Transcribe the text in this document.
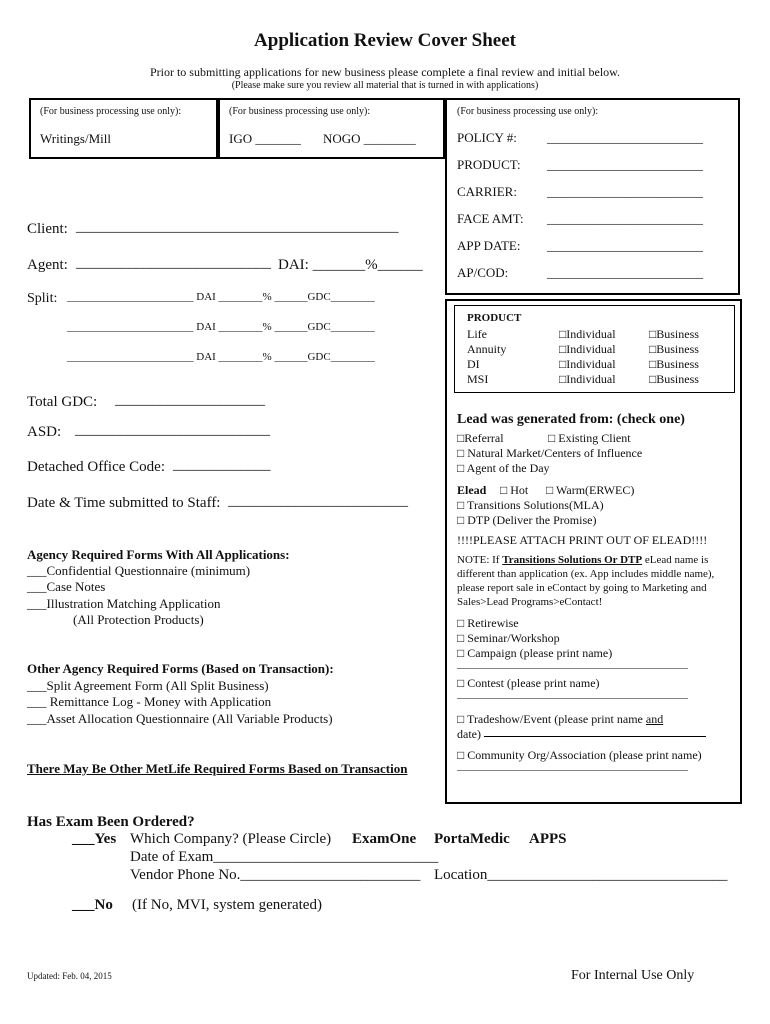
Application Review Cover Sheet
Prior to submitting applications for new business please complete a final review and initial below.
(Please make sure you review all material that is turned in with applications)
(For business processing use only):
Writings/Mill
(For business processing use only):
IGO _______ NOGO ________
(For business processing use only):
POLICY #: ________________________
PRODUCT: ________________________
CARRIER: ________________________
FACE AMT: ________________________
APP DATE: ________________________
AP/COD:	________________________
Client: ___________________________________________
Agent: __________________________ DAI: _______%______
Split: _______________________ DAI ________% ______GDC________
_______________________ DAI ________% ______GDC________
_______________________ DAI ________% ______GDC________
PRODUCT
Life	□Individual	□Business
Annuity	□Individual	□Business
DI	□Individual	□Business
MSI	□Individual	□Business
Lead was generated from: (check one)
□Referral	□ Existing Client
□ Natural Market/Centers of Influence
□ Agent of the Day
Elead □ Hot □ Warm(ERWEC)
□ Transitions Solutions(MLA)
□ DTP (Deliver the Promise)
!!!!PLEASE ATTACH PRINT OUT OF ELEAD!!!!
NOTE: If Transitions Solutions Or DTP eLead name is
different than application (ex. App includes middle name),
please report sale in eContact by going to Marketing and
Sales>Lead Programs>eContact!
□ Retirewise
□ Seminar/Workshop
□ Campaign (please print name)
__________________________________________
□ Contest (please print name)
__________________________________________
□ Tradeshow/Event (please print name and
date)
□ Community Org/Association (please print name)
__________________________________________
Total GDC: ____________________
ASD: __________________________
Detached Office Code: _____________
Date & Time submitted to Staff: ________________________
Agency Required Forms With All Applications:
___Confidential Questionnaire (minimum)
___Case Notes
___Illustration Matching Application
(All Protection Products)
Other Agency Required Forms (Based on Transaction):
___Split Agreement Form (All Split Business)
___ Remittance Log - Money with Application
___Asset Allocation Questionnaire (All Variable Products)
There May Be Other MetLife Required Forms Based on Transaction
Has Exam Been Ordered?
___Yes Which Company? (Please Circle) ExamOne PortaMedic APPS
Date of Exam______________________________
Vendor Phone No.________________________ Location________________________________
___No (If No, MVI, system generated)
Updated: Feb. 04, 2015	For Internal Use Only
